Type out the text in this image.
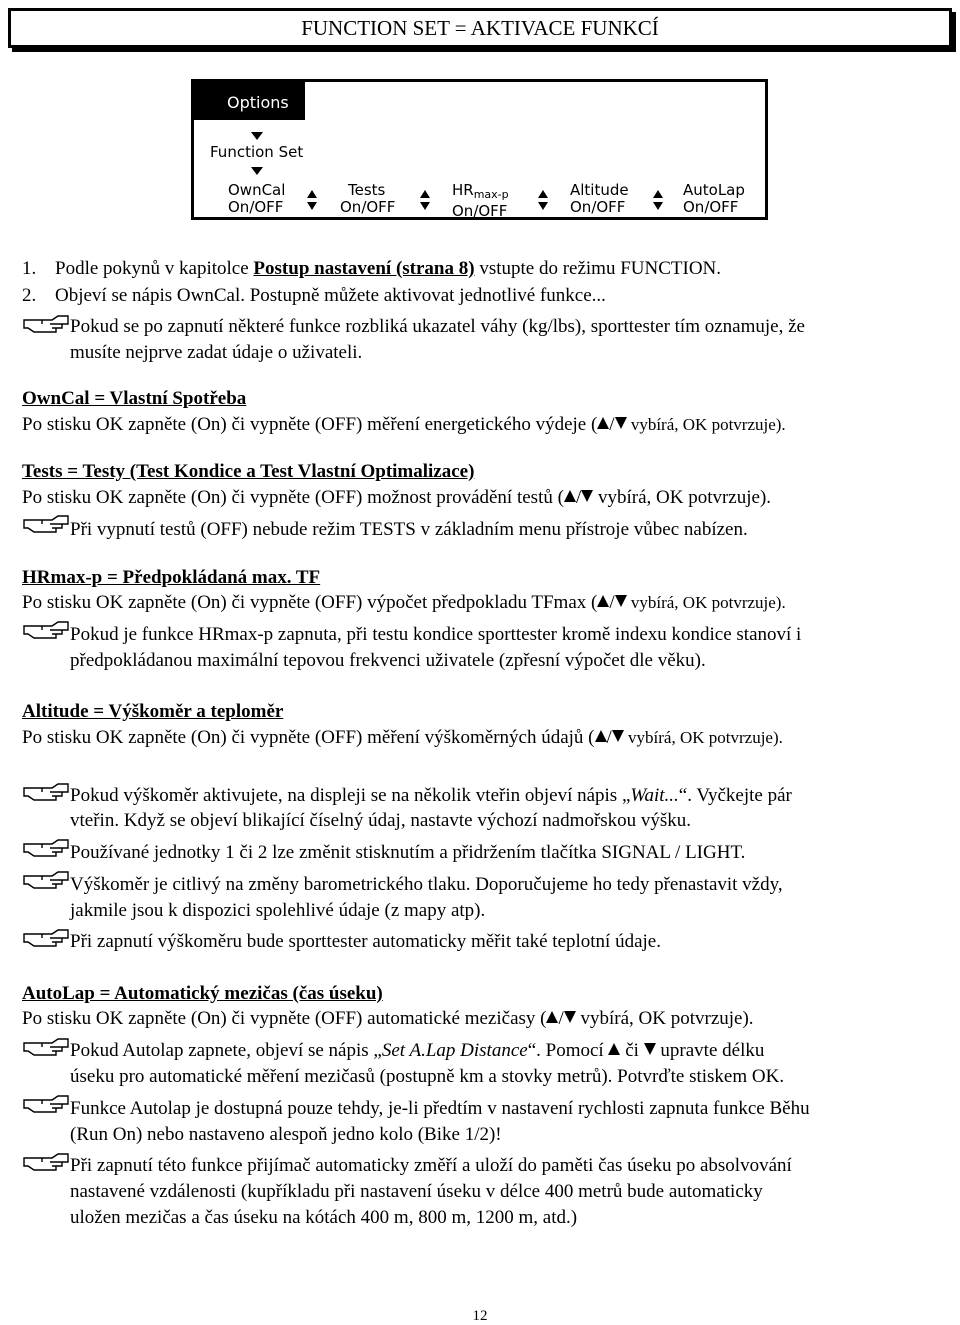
FUNCTION SET = AKTIVACE FUNKCÍ
Options
Function Set
OwnCal
On/OFF
Tests
On/OFF
$HR_{max-p}$
On/OFF
Altitude
On/OFF
AutoLap
On/OFF
1. Podle pokynů v kapitolce Postup nastavení (strana 8) vstupte do režimu FUNCTION.
2. Objeví se nápis OwnCal. Postupně můžete aktivovat jednotlivé funkce...
Pokud se po zapnutí některé funkce rozbliká ukazatel váhy (kg/lbs), sporttester tím oznamuje, že
musíte nejprve zadat údaje o uživateli.
OwnCal = Vlastní Spotřeba
Po stisku OK zapněte (On) či vypněte (OFF) měření energetického výdeje ( / vybírá, OK potvrzuje).
Tests = Testy (Test Kondice a Test Vlastní Optimalizace)
Po stisku OK zapněte (On) či vypněte (OFF) možnost provádění testů ( / vybírá, OK potvrzuje).
Při vypnutí testů (OFF) nebude režim TESTS v základním menu přístroje vůbec nabízen.
HRmax-p = Předpokládaná max. TF
Po stisku OK zapněte (On) či vypněte (OFF) výpočet předpokladu TFmax ( / vybírá, OK potvrzuje).
Pokud je funkce HRmax-p zapnuta, při testu kondice sporttester kromě indexu kondice stanoví i
předpokládanou maximální tepovou frekvenci uživatele (zpřesní výpočet dle věku).
Altitude = Výškoměr a teploměr
Po stisku OK zapněte (On) či vypněte (OFF) měření výškoměrných údajů ( / vybírá, OK potvrzuje).
Pokud výškoměr aktivujete, na displeji se na několik vteřin objeví nápis „Wait...“. Vyčkejte pár
vteřin. Když se objeví blikající číselný údaj, nastavte výchozí nadmořskou výšku.
Používané jednotky 1 či 2 lze změnit stisknutím a přidržením tlačítka SIGNAL / LIGHT.
Výškoměr je citlivý na změny barometrického tlaku. Doporučujeme ho tedy přenastavit vždy,
jakmile jsou k dispozici spolehlivé údaje (z mapy atp).
Při zapnutí výškoměru bude sporttester automaticky měřit také teplotní údaje.
AutoLap = Automatický mezičas (čas úseku)
Po stisku OK zapněte (On) či vypněte (OFF) automatické mezičasy ( / vybírá, OK potvrzuje).
Pokud Autolap zapnete, objeví se nápis „Set A.Lap Distance“. Pomocí  či  upravte délku
úseku pro automatické měření mezičasů (postupně km a stovky metrů). Potvrďte stiskem OK.
Funkce Autolap je dostupná pouze tehdy, je-li předtím v nastavení rychlosti zapnuta funkce Běhu
(Run On) nebo nastaveno alespoň jedno kolo (Bike 1/2)!
Při zapnutí této funkce přijímač automaticky změří a uloží do paměti čas úseku po absolvování
nastavené vzdálenosti (kupříkladu při nastavení úseku v délce 400 metrů bude automaticky
uložen mezičas a čas úseku na kótách 400 m, 800 m, 1200 m, atd.)
12
